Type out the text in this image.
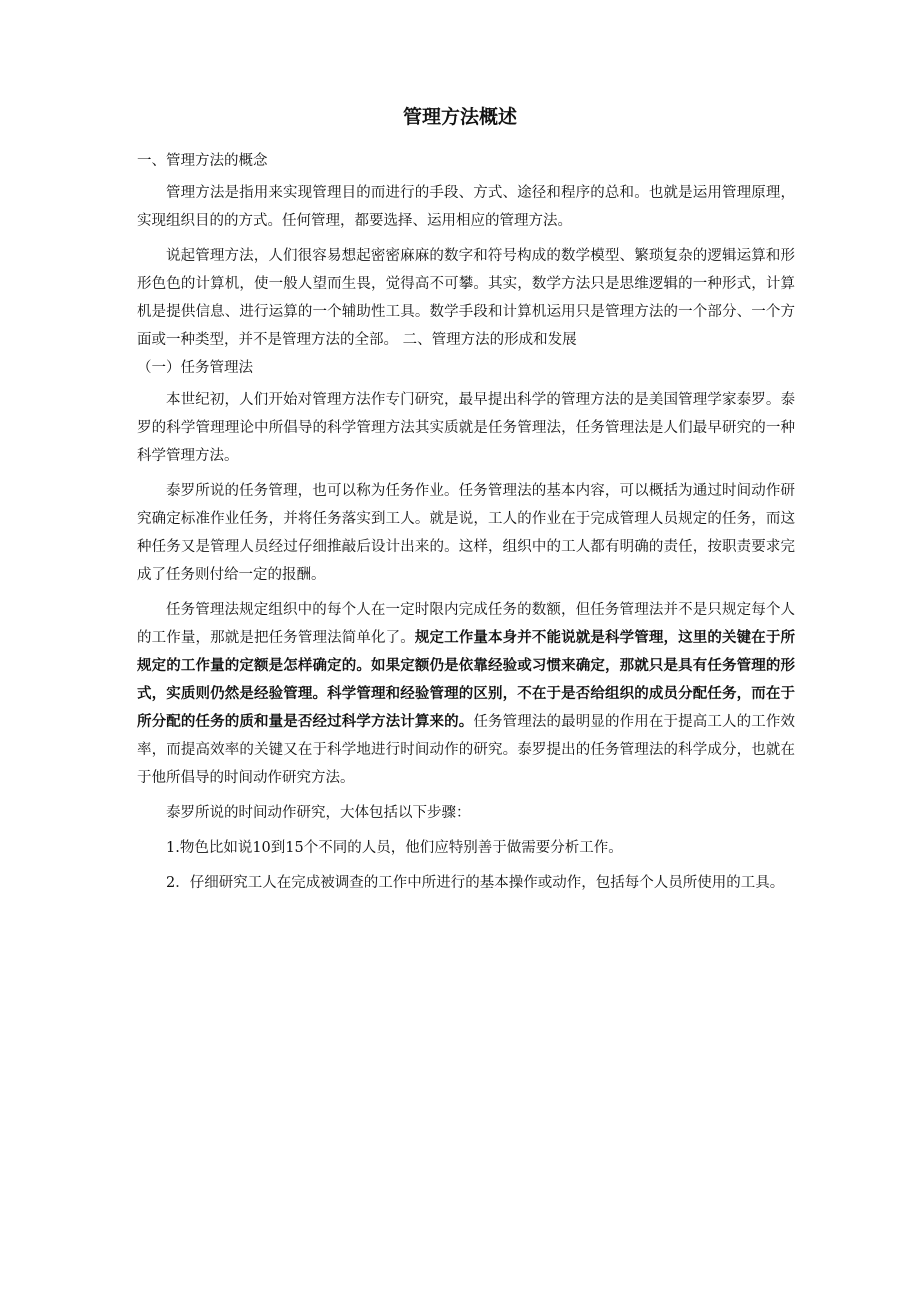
管理方法概述

一、管理方法的概念

管理方法是指用来实现管理目的而进行的手段、方式、途径和程序的总和。也就是运用管理原理，实现组织目的的方式。任何管理，都要选择、运用相应的管理方法。

说起管理方法，人们很容易想起密密麻麻的数字和符号构成的数学模型、繁琐复杂的逻辑运算和形形色色的计算机，使一般人望而生畏，觉得高不可攀。其实，数学方法只是思维逻辑的一种形式，计算机是提供信息、进行运算的一个辅助性工具。数学手段和计算机运用只是管理方法的一个部分、一个方面或一种类型，并不是管理方法的全部。 二、管理方法的形成和发展

（一）任务管理法

本世纪初，人们开始对管理方法作专门研究，最早提出科学的管理方法的是美国管理学家泰罗。泰罗的科学管理理论中所倡导的科学管理方法其实质就是任务管理法，任务管理法是人们最早研究的一种科学管理方法。

泰罗所说的任务管理，也可以称为任务作业。任务管理法的基本内容，可以概括为通过时间动作研究确定标准作业任务，并将任务落实到工人。就是说，工人的作业在于完成管理人员规定的任务，而这种任务又是管理人员经过仔细推敲后设计出来的。这样，组织中的工人都有明确的责任，按职责要求完成了任务则付给一定的报酬。

任务管理法规定组织中的每个人在一定时限内完成任务的数额，但任务管理法并不是只规定每个人的工作量，那就是把任务管理法简单化了。规定工作量本身并不能说就是科学管理，这里的关键在于所规定的工作量的定额是怎样确定的。如果定额仍是依靠经验或习惯来确定，那就只是具有任务管理的形式，实质则仍然是经验管理。科学管理和经验管理的区别，不在于是否给组织的成员分配任务，而在于所分配的任务的质和量是否经过科学方法计算来的。任务管理法的最明显的作用在于提高工人的工作效率，而提高效率的关键又在于科学地进行时间动作的研究。泰罗提出的任务管理法的科学成分，也就在于他所倡导的时间动作研究方法。

泰罗所说的时间动作研究，大体包括以下步骤：

1.物色比如说10到15个不同的人员，他们应特别善于做需要分析工作。

2．仔细研究工人在完成被调查的工作中所进行的基本操作或动作，包括每个人员所使用的工具。
